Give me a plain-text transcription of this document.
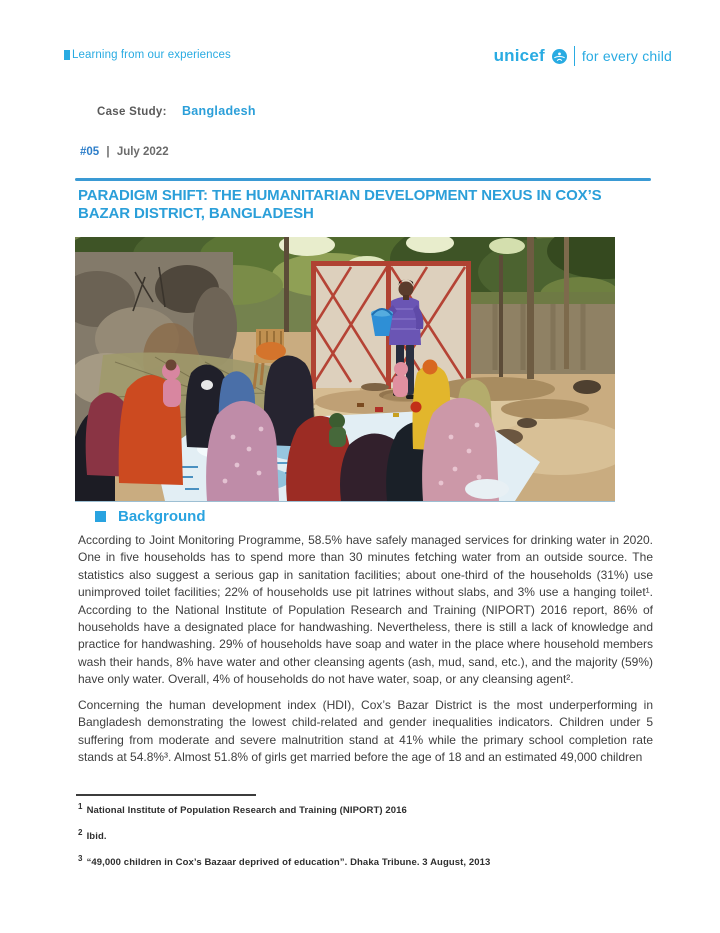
Learning from our experiences	unicef	for every child
Case Study: Bangladesh
#05 | July 2022
PARADIGM SHIFT: THE HUMANITARIAN DEVELOPMENT NEXUS IN COX’S BAZAR DISTRICT, BANGLADESH
Background

According to Joint Monitoring Programme, 58.5% have safely managed services for drinking water in 2020. One in five households has to spend more than 30 minutes fetching water from an outside source. The statistics also suggest a serious gap in sanitation facilities; about one-third of the households (31%) use unimproved toilet facilities; 22% of households use pit latrines without slabs, and 3% use a hanging toilet¹. According to the National Institute of Population Research and Training (NIPORT) 2016 report, 86% of households have a designated place for handwashing. Nevertheless, there is still a lack of knowledge and practice for handwashing. 29% of households have soap and water in the place where household members wash their hands, 8% have water and other cleansing agents (ash, mud, sand, etc.), and the majority (59%) have only water. Overall, 4% of households do not have water, soap, or any cleansing agent².

Concerning the human development index (HDI), Cox’s Bazar District is the most underperforming in Bangladesh demonstrating the lowest child-related and gender inequalities indicators. Children under 5 suffering from moderate and severe malnutrition stand at 41% while the primary school completion rate stands at 54.8%³. Almost 51.8% of girls get married before the age of 18 and an estimated 49,000 children

$^1$ National Institute of Population Research and Training (NIPORT) 2016
$^2$ Ibid.
$^3$ “49,000 children in Cox’s Bazaar deprived of education”. Dhaka Tribune. 3 August, 2013
